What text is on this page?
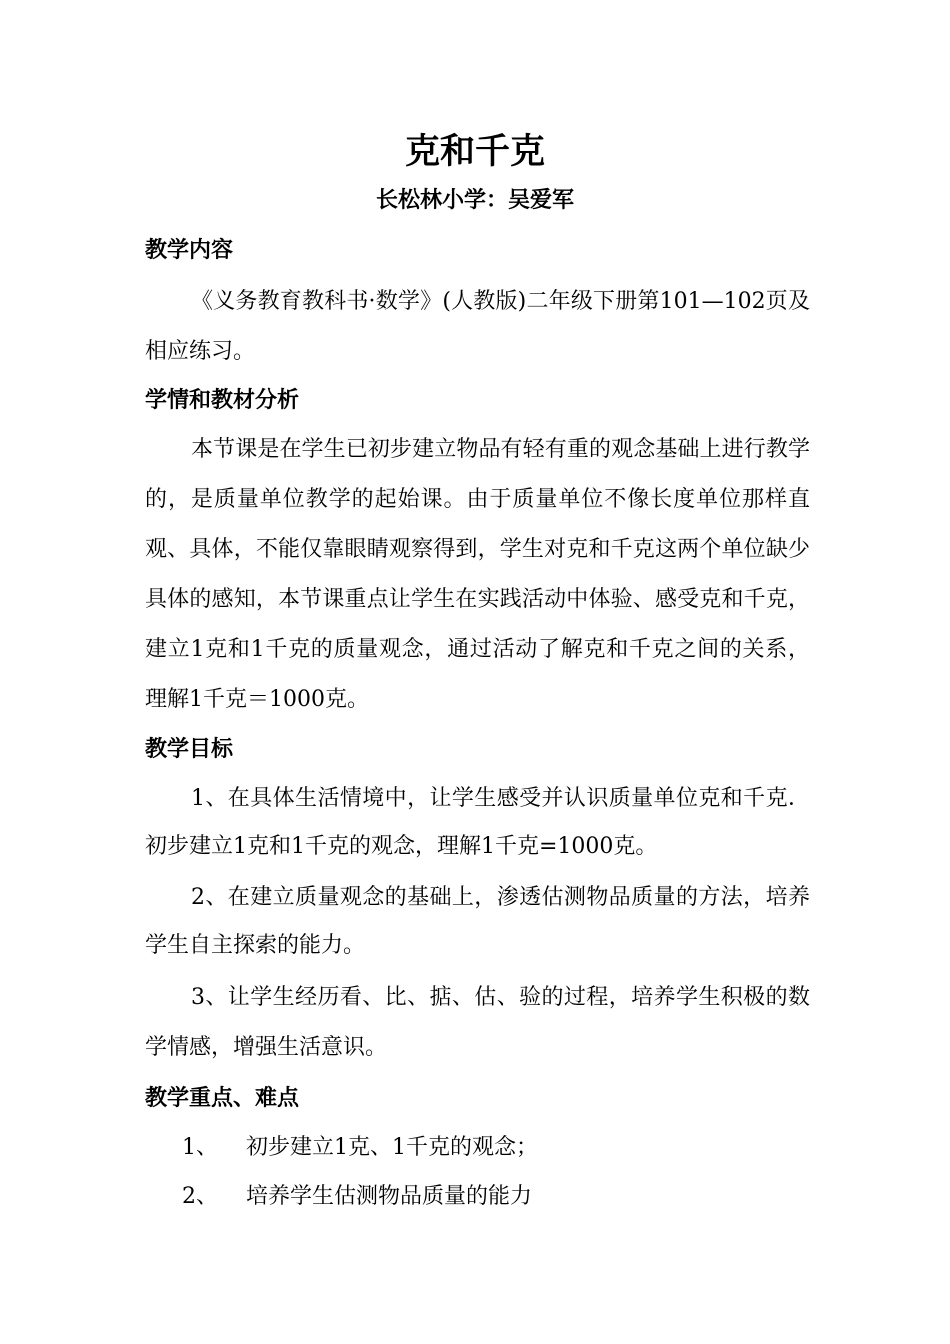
克和千克
长松林小学：吴爱军
教学内容
《义务教育教科书·数学》(人教版)二年级下册第101—102页及相应练习。
学情和教材分析
本节课是在学生已初步建立物品有轻有重的观念基础上进行教学的，是质量单位教学的起始课。由于质量单位不像长度单位那样直观、具体，不能仅靠眼睛观察得到，学生对克和千克这两个单位缺少具体的感知，本节课重点让学生在实践活动中体验、感受克和千克，建立1克和1千克的质量观念，通过活动了解克和千克之间的关系，理解1千克＝1000克。
教学目标
1、在具体生活情境中，让学生感受并认识质量单位克和千克．初步建立1克和1千克的观念，理解1千克=1000克。
2、在建立质量观念的基础上，渗透估测物品质量的方法，培养学生自主探索的能力。
3、让学生经历看、比、掂、估、验的过程，培养学生积极的数学情感，增强生活意识。
教学重点、难点
1、 初步建立1克、1千克的观念；
2、 培养学生估测物品质量的能力
